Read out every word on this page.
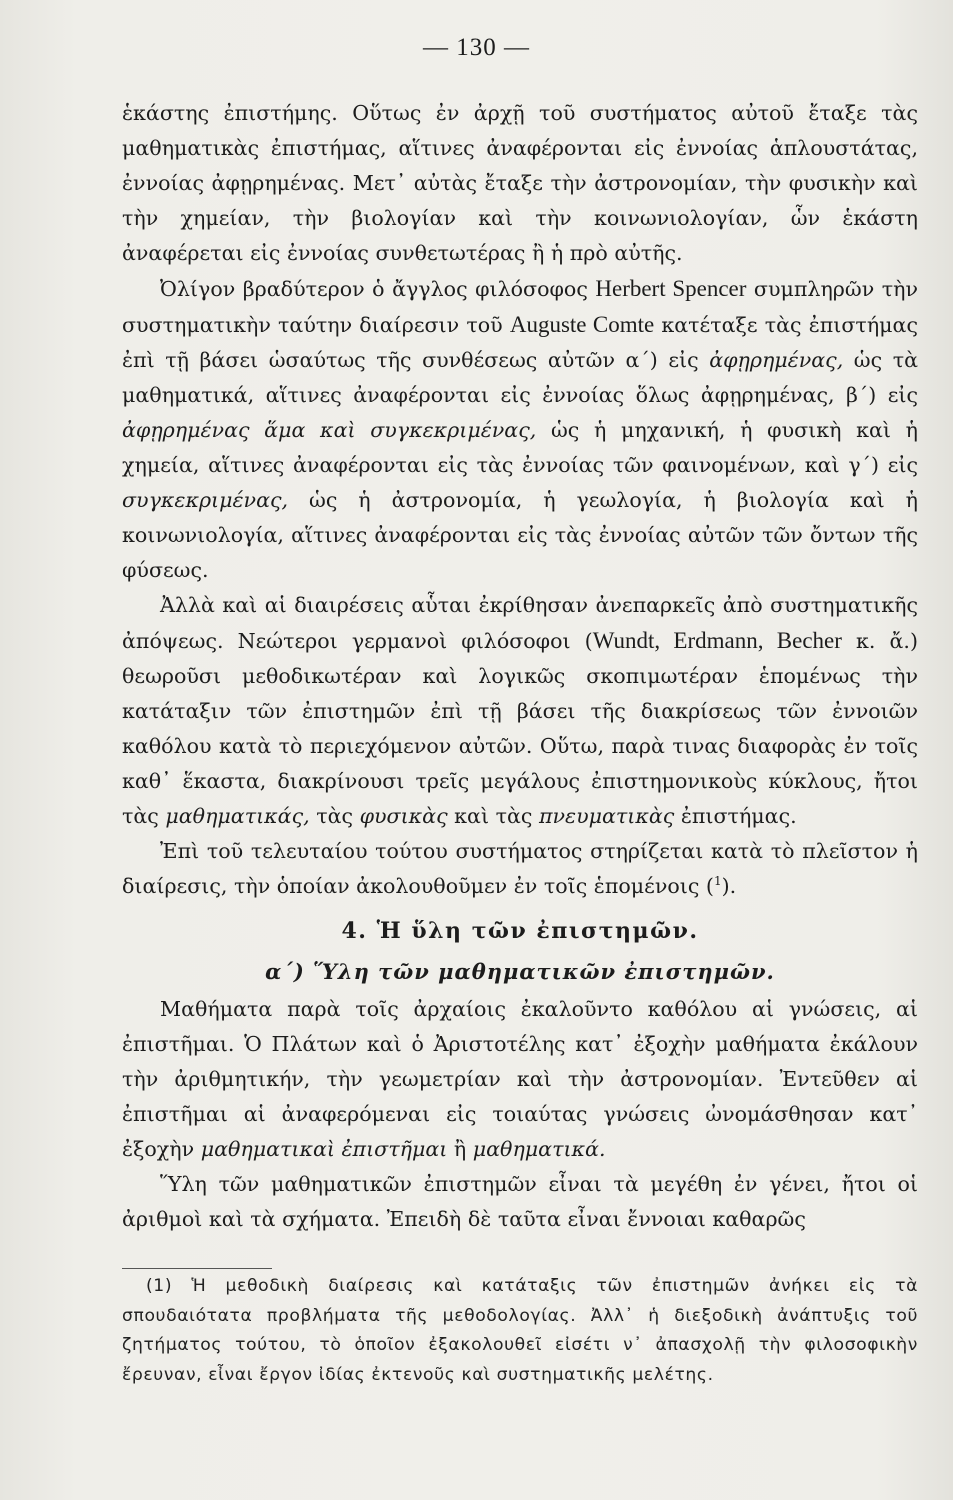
— 130 —

ἑκάστης ἐπιστήμης. Οὕτως ἐν ἀρχῇ τοῦ συστήματος αὐτοῦ ἔταξε τὰς μαθηματικὰς ἐπιστήμας, αἵτινες ἀναφέρονται εἰς ἐννοίας ἁπλουστάτας, ἐννοίας ἀφῃρημένας. Μετ᾽ αὐτὰς ἔταξε τὴν ἀστρονομίαν, τὴν φυσικὴν καὶ τὴν χημείαν, τὴν βιολογίαν καὶ τὴν κοινωνιολογίαν, ὧν ἑκάστη ἀναφέρεται εἰς ἐννοίας συνθετωτέρας ἢ ἡ πρὸ αὐτῆς.

Ὀλίγον βραδύτερον ὁ ἄγγλος φιλόσοφος Herbert Spencer συμπληρῶν τὴν συστηματικὴν ταύτην διαίρεσιν τοῦ Auguste Comte κατέταξε τὰς ἐπιστήμας ἐπὶ τῇ βάσει ὡσαύτως τῆς συνθέσεως αὐτῶν α΄) εἰς ἀφῃρημένας, ὡς τὰ μαθηματικά, αἵτινες ἀναφέρονται εἰς ἐννοίας ὅλως ἀφῃρημένας, β΄) εἰς ἀφῃρημένας ἅμα καὶ συγκεκριμένας, ὡς ἡ μηχανική, ἡ φυσικὴ καὶ ἡ χημεία, αἵτινες ἀναφέρονται εἰς τὰς ἐννοίας τῶν φαινομένων, καὶ γ΄) εἰς συγκεκριμένας, ὡς ἡ ἀστρονομία, ἡ γεωλογία, ἡ βιολογία καὶ ἡ κοινωνιολογία, αἵτινες ἀναφέρονται εἰς τὰς ἐννοίας αὐτῶν τῶν ὄντων τῆς φύσεως.

Ἀλλὰ καὶ αἱ διαιρέσεις αὗται ἐκρίθησαν ἀνεπαρκεῖς ἀπὸ συστηματικῆς ἀπόψεως. Νεώτεροι γερμανοὶ φιλόσοφοι (Wundt, Erdmann, Becher κ. ἄ.) θεωροῦσι μεθοδικωτέραν καὶ λογικῶς σκοπιμωτέραν ἑπομένως τὴν κατάταξιν τῶν ἐπιστημῶν ἐπὶ τῇ βάσει τῆς διακρίσεως τῶν ἐννοιῶν καθόλου κατὰ τὸ περιεχόμενον αὐτῶν. Οὕτω, παρὰ τινας διαφορὰς ἐν τοῖς καθ᾽ ἕκαστα, διακρίνουσι τρεῖς μεγάλους ἐπιστημονικοὺς κύκλους, ἤτοι τὰς μαθηματικάς, τὰς φυσικὰς καὶ τὰς πνευματικὰς ἐπιστήμας.

Ἐπὶ τοῦ τελευταίου τούτου συστήματος στηρίζεται κατὰ τὸ πλεῖστον ἡ διαίρεσις, τὴν ὁποίαν ἀκολουθοῦμεν ἐν τοῖς ἑπομένοις ($^1$).

4. Ἡ ὕλη τῶν ἐπιστημῶν.
α΄) Ὕλη τῶν μαθηματικῶν ἐπιστημῶν.

Μαθήματα παρὰ τοῖς ἀρχαίοις ἐκαλοῦντο καθόλου αἱ γνώσεις, αἱ ἐπιστῆμαι. Ὁ Πλάτων καὶ ὁ Ἀριστοτέλης κατ᾽ ἐξοχὴν μαθήματα ἐκάλουν τὴν ἀριθμητικήν, τὴν γεωμετρίαν καὶ τὴν ἀστρονομίαν. Ἐντεῦθεν αἱ ἐπιστῆμαι αἱ ἀναφερόμεναι εἰς τοιαύτας γνώσεις ὠνομάσθησαν κατ᾽ ἐξοχὴν μαθηματικαὶ ἐπιστῆμαι ἢ μαθηματικά.

Ὕλη τῶν μαθηματικῶν ἐπιστημῶν εἶναι τὰ μεγέθη ἐν γένει, ἤτοι οἱ ἀριθμοὶ καὶ τὰ σχήματα. Ἐπειδὴ δὲ ταῦτα εἶναι ἔννοιαι καθαρῶς

(1) Ἡ μεθοδικὴ διαίρεσις καὶ κατάταξις τῶν ἐπιστημῶν ἀνήκει εἰς τὰ σπουδαιότατα προβλήματα τῆς μεθοδολογίας. Ἀλλ᾽ ἡ διεξοδικὴ ἀνάπτυξις τοῦ ζητήματος τούτου, τὸ ὁποῖον ἐξακολουθεῖ εἰσέτι ν᾽ ἀπασχολῇ τὴν φιλοσοφικὴν ἔρευναν, εἶναι ἔργον ἰδίας ἐκτενοῦς καὶ συστηματικῆς μελέτης.
